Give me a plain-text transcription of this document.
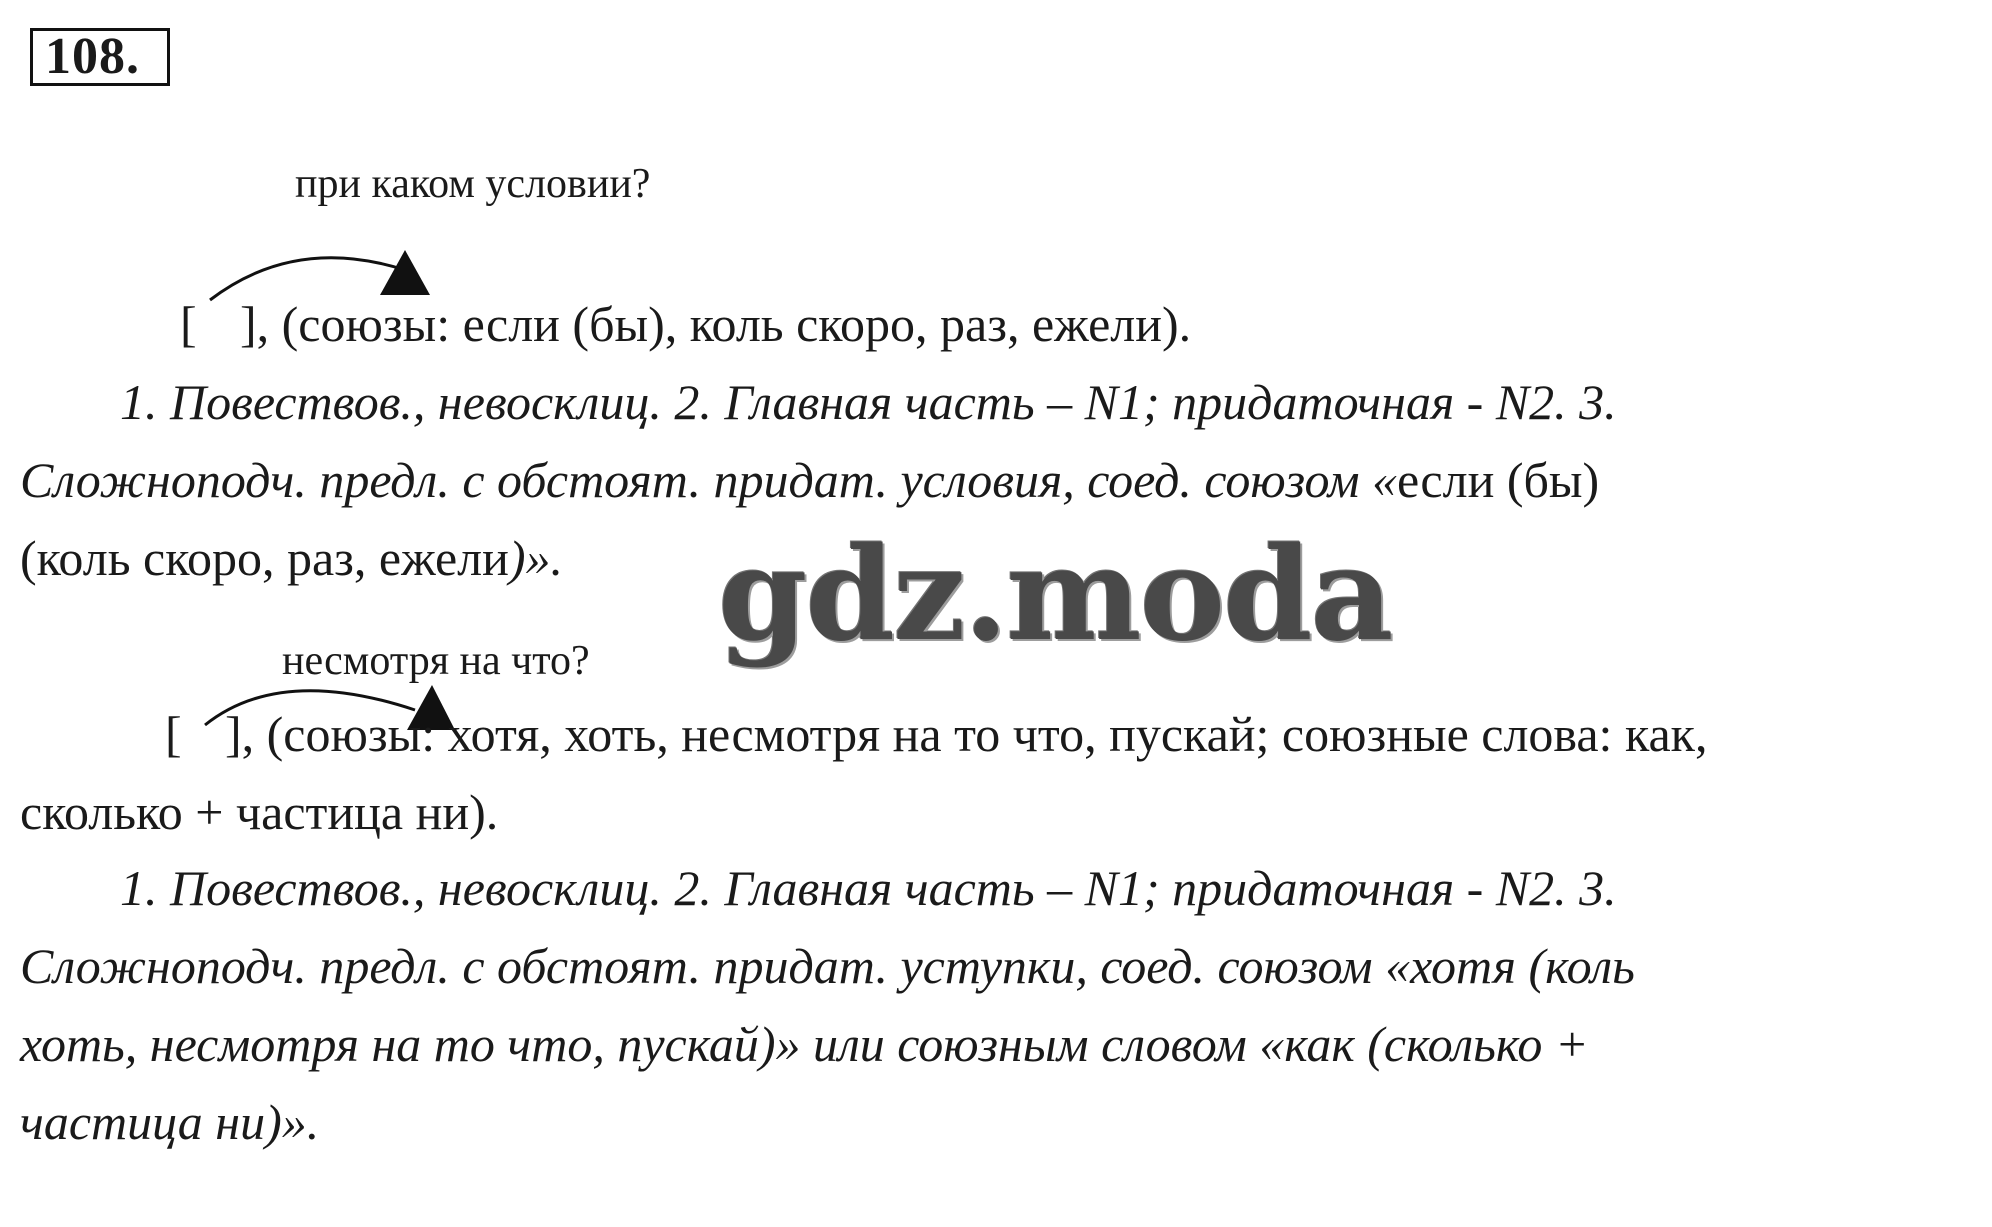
108.
при каком условии?
[ ], (союзы: если (бы), коль скоро, раз, ежели).
1. Повествов., невосклиц. 2. Главная часть – N1; придаточная - N2. 3.
Сложноподч. предл. с обстоят. придат. условия, соед. союзом «если (бы)
(коль скоро, раз, ежели)». gdz.moda
несмотря на что?
[ ], (союзы: хотя, хоть, несмотря на то что, пускай; союзные слова: как,
сколько + частица ни).
1. Повествов., невосклиц. 2. Главная часть – N1; придаточная - N2. 3.
Сложноподч. предл. с обстоят. придат. уступки, соед. союзом «хотя (коль
хоть, несмотря на то что, пускай)» или союзным словом «как (сколько +
частица ни)».
